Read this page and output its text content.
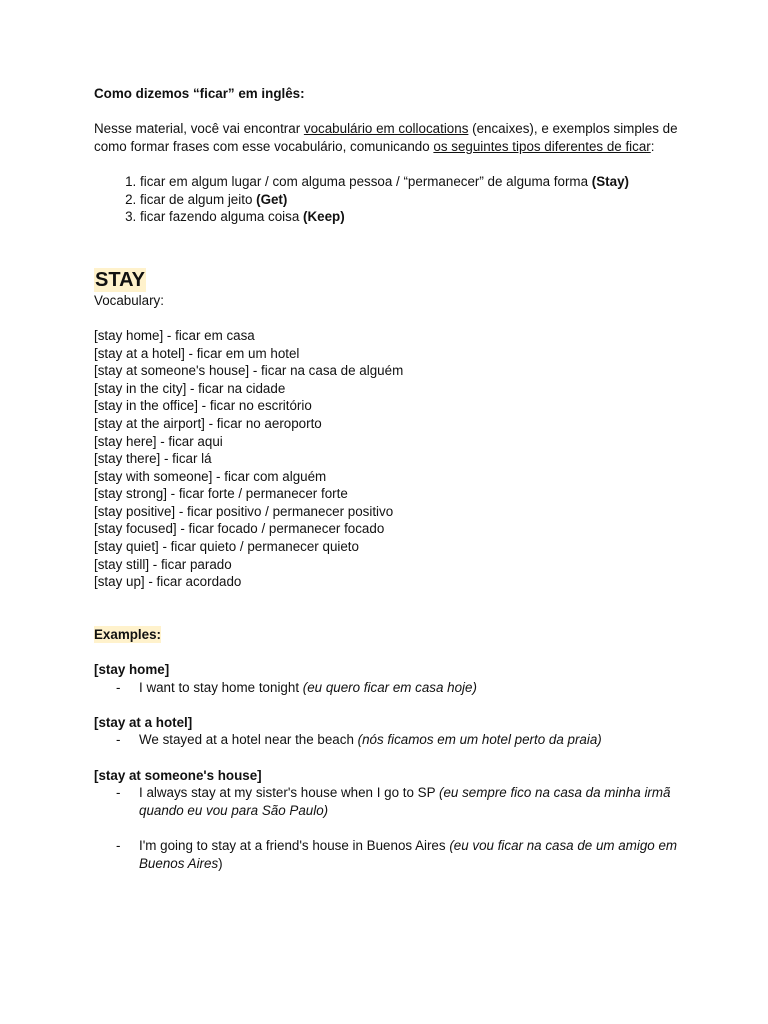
Como dizemos “ficar” em inglês:

Nesse material, você vai encontrar vocabulário em collocations (encaixes), e exemplos simples de como formar frases com esse vocabulário, comunicando os seguintes tipos diferentes de ficar:

1. ficar em algum lugar / com alguma pessoa / “permanecer” de alguma forma (Stay)
2. ficar de algum jeito (Get)
3. ficar fazendo alguma coisa (Keep)
STAY

Vocabulary:

[stay home] - ficar em casa

[stay at a hotel] - ficar em um hotel

[stay at someone's house] - ficar na casa de alguém

[stay in the city] - ficar na cidade

[stay in the office] - ficar no escritório

[stay at the airport] - ficar no aeroporto

[stay here] - ficar aqui

[stay there] - ficar lá

[stay with someone] - ficar com alguém

[stay strong] - ficar forte / permanecer forte

[stay positive] - ficar positivo / permanecer positivo

[stay focused] - ficar focado / permanecer focado

[stay quiet] - ficar quieto / permanecer quieto

[stay still] - ficar parado

[stay up] - ficar acordado

Examples:

[stay home]

- I want to stay home tonight (eu quero ficar em casa hoje)

[stay at a hotel]

- We stayed at a hotel near the beach (nós ficamos em um hotel perto da praia)

[stay at someone's house]

- I always stay at my sister's house when I go to SP (eu sempre fico na casa da minha irmã quando eu vou para São Paulo)
- I'm going to stay at a friend's house in Buenos Aires (eu vou ficar na casa de um amigo em Buenos Aires)
